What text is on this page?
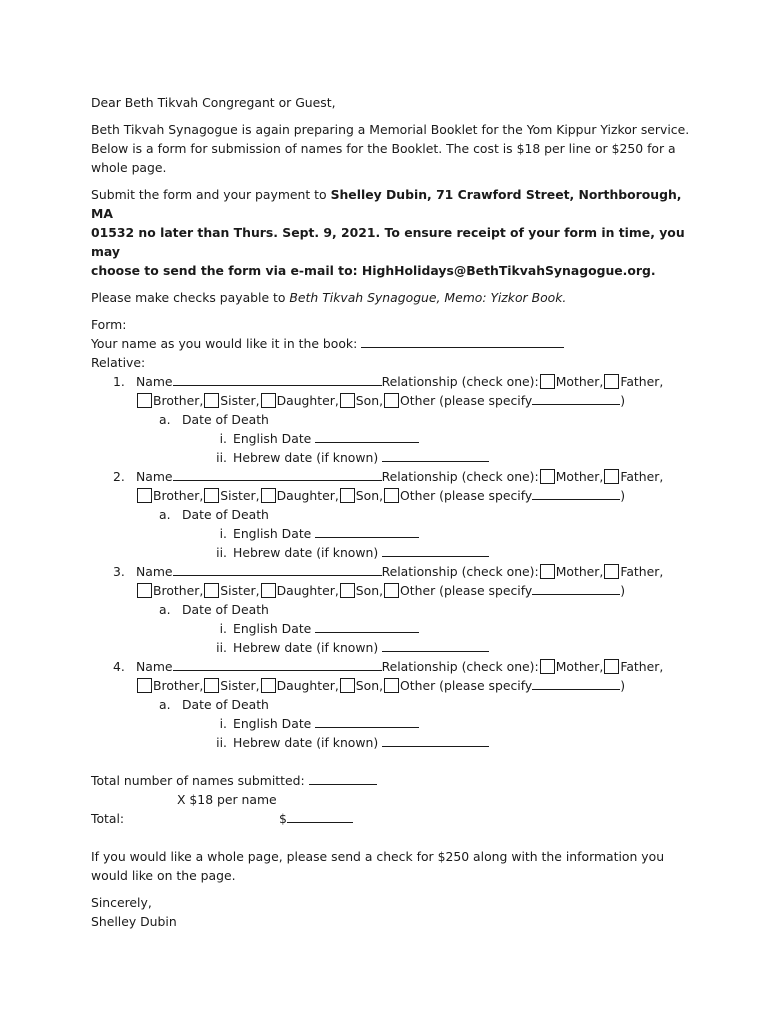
Dear Beth Tikvah Congregant or Guest,

Beth Tikvah Synagogue is again preparing a Memorial Booklet for the Yom Kippur Yizkor service.
Below is a form for submission of names for the Booklet. The cost is $18 per line or $250 for a
whole page.
Submit the form and your payment to Shelley Dubin, 71 Crawford Street, Northborough, MA
01532 no later than Thurs. Sept. 9, 2021. To ensure receipt of your form in time, you may
choose to send the form via e-mail to: HighHolidays@BethTikvahSynagogue.org.

Please make checks payable to Beth Tikvah Synagogue, Memo: Yizkor Book.

Form:
Your name as you would like it in the book:
Relative:
1. Name	Relationship (check one): Mother, Father,
Brother, Sister, Daughter, Son, Other (please specify	)
a. Date of Death
i. English Date
ii. Hebrew date (if known)
2. Name	Relationship (check one): Mother, Father,
Brother, Sister, Daughter, Son, Other (please specify	)
a. Date of Death
i. English Date
ii. Hebrew date (if known)
3. Name	Relationship (check one): Mother, Father,
Brother, Sister, Daughter, Son, Other (please specify	)
a. Date of Death
i. English Date
ii. Hebrew date (if known)
4. Name	Relationship (check one): Mother, Father,
Brother, Sister, Daughter, Son, Other (please specify	)
a. Date of Death
i. English Date
ii. Hebrew date (if known)
Total number of names submitted:
X $18 per name
Total:	$
If you would like a whole page, please send a check for $250 along with the information you
would like on the page.
Sincerely,
Shelley Dubin
